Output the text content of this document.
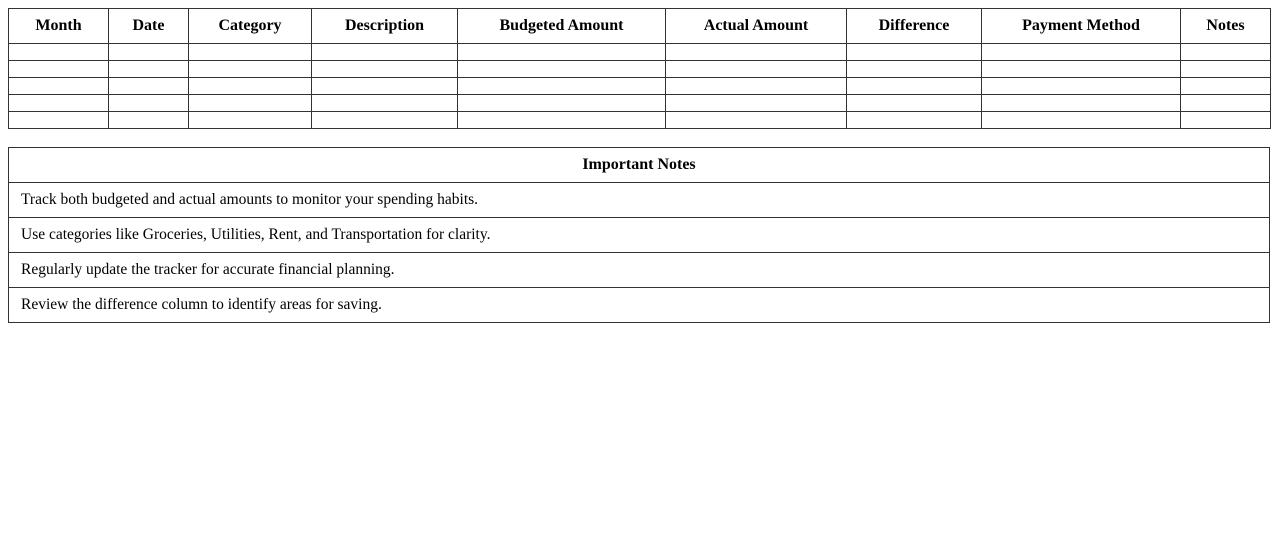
Month	Date	Category	Description	Budgeted Amount	Actual Amount	Difference	Payment Method	Notes

Important Notes
Track both budgeted and actual amounts to monitor your spending habits.
Use categories like Groceries, Utilities, Rent, and Transportation for clarity.
Regularly update the tracker for accurate financial planning.
Review the difference column to identify areas for saving.
